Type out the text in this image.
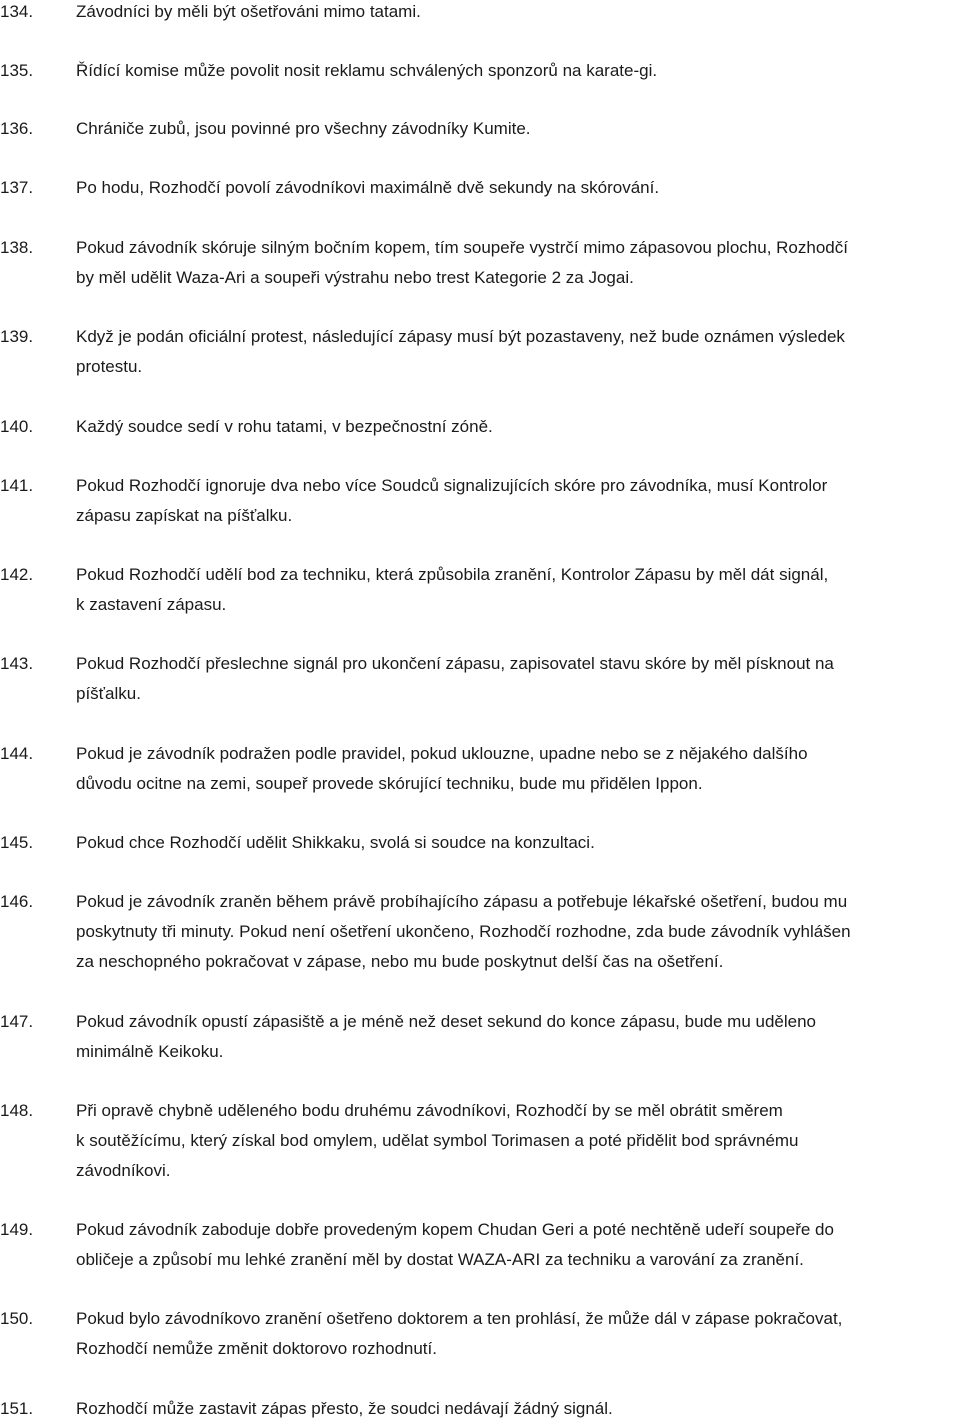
134.	Závodníci by měli být ošetřováni mimo tatami.
135.	Řídící komise může povolit nosit reklamu schválených sponzorů na karate-gi.
136.	Chrániče zubů, jsou povinné pro všechny závodníky Kumite.
137.	Po hodu, Rozhodčí povolí závodníkovi maximálně dvě sekundy na skórování.
138.	Pokud závodník skóruje silným bočním kopem, tím soupeře vystrčí mimo zápasovou plochu, Rozhodčí
by měl udělit Waza-Ari a soupeři výstrahu nebo trest Kategorie 2 za Jogai.
139.	Když je podán oficiální protest, následující zápasy musí být pozastaveny, než bude oznámen výsledek
protestu.
140.	Každý soudce sedí v rohu tatami, v bezpečnostní zóně.
141.	Pokud Rozhodčí ignoruje dva nebo více Soudců signalizujících skóre pro závodníka, musí Kontrolor
zápasu zapískat na píšťalku.
142.	Pokud Rozhodčí udělí bod za techniku, která způsobila zranění, Kontrolor Zápasu by měl dát signál,
k zastavení zápasu.
143.	Pokud Rozhodčí přeslechne signál pro ukončení zápasu, zapisovatel stavu skóre by měl písknout na
píšťalku.
144.	Pokud je závodník podražen podle pravidel, pokud uklouzne, upadne nebo se z nějakého dalšího
důvodu ocitne na zemi, soupeř provede skórující techniku, bude mu přidělen Ippon.
145.	Pokud chce Rozhodčí udělit Shikkaku, svolá si soudce na konzultaci.
146.	Pokud je závodník zraněn během právě probíhajícího zápasu a potřebuje lékařské ošetření, budou mu
poskytnuty tři minuty. Pokud není ošetření ukončeno, Rozhodčí rozhodne, zda bude závodník vyhlášen
za neschopného pokračovat v zápase, nebo mu bude poskytnut delší čas na ošetření.
147.	Pokud závodník opustí zápasiště a je méně než deset sekund do konce zápasu, bude mu uděleno
minimálně Keikoku.
148.	Při opravě chybně uděleného bodu druhému závodníkovi, Rozhodčí by se měl obrátit směrem
k soutěžícímu, který získal bod omylem, udělat symbol Torimasen a poté přidělit bod správnému
závodníkovi.
149.	Pokud závodník zaboduje dobře provedeným kopem Chudan Geri a poté nechtěně udeří soupeře do
obličeje a způsobí mu lehké zranění měl by dostat WAZA-ARI za techniku a varování za zranění.
150.	Pokud bylo závodníkovo zranění ošetřeno doktorem a ten prohlásí, že může dál v zápase pokračovat,
Rozhodčí nemůže změnit doktorovo rozhodnutí.
151.	Rozhodčí může zastavit zápas přesto, že soudci nedávají žádný signál.
